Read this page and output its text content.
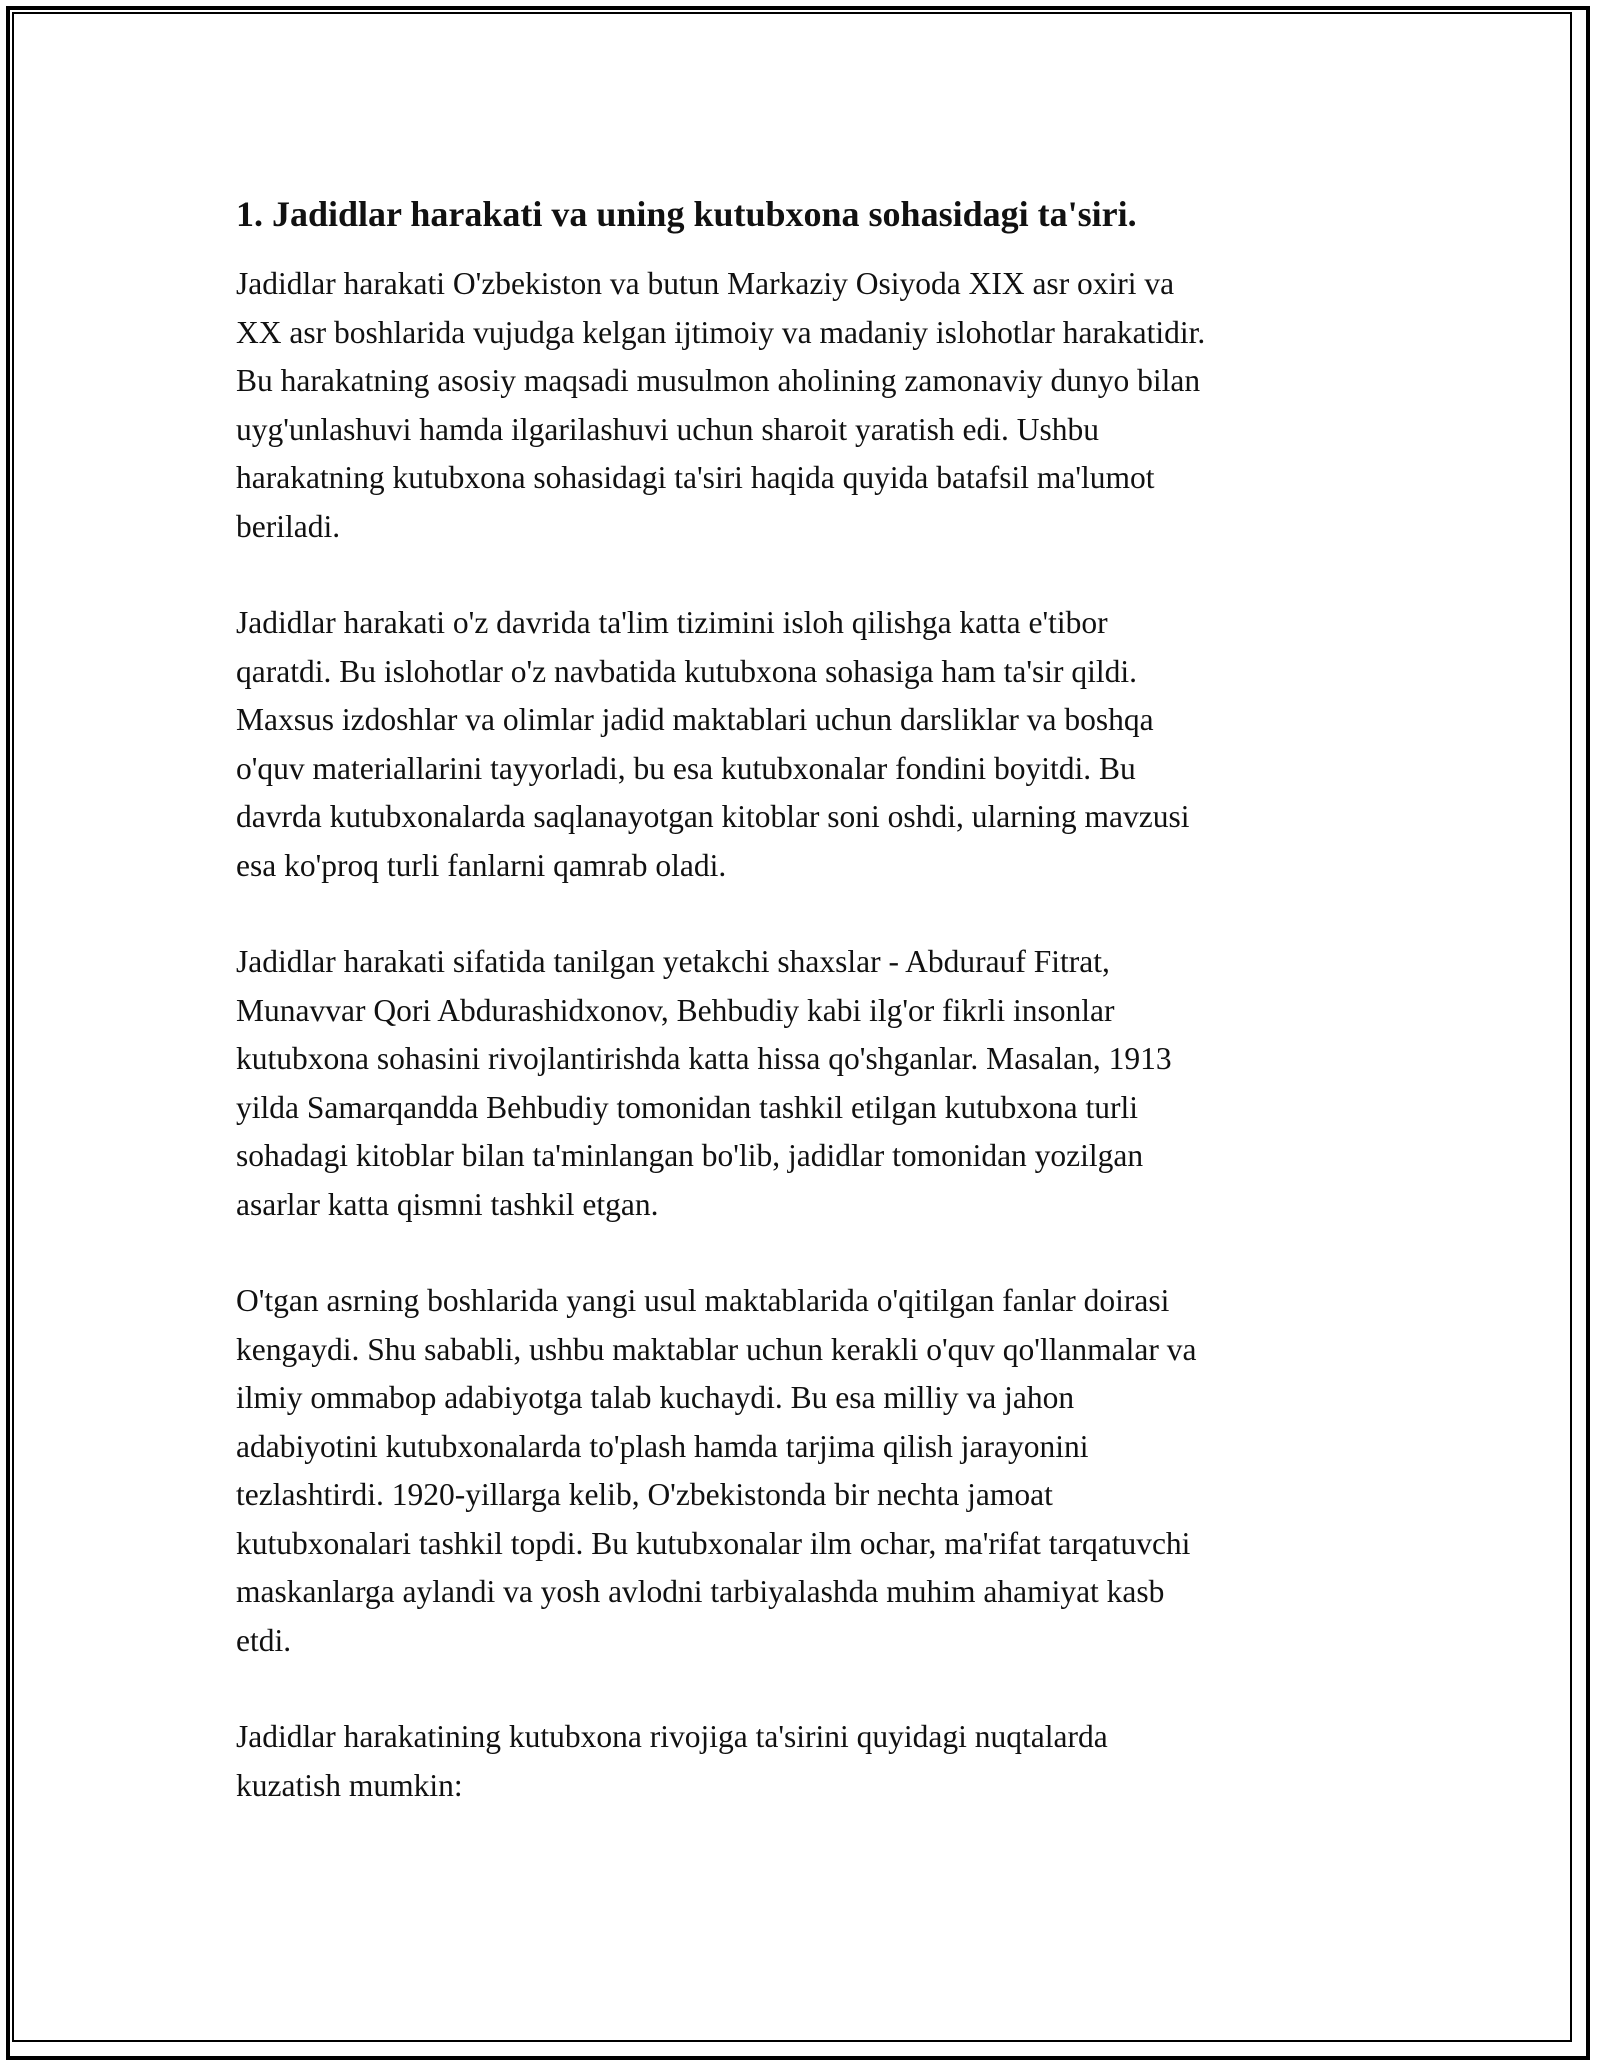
1. Jadidlar harakati va uning kutubxona sohasidagi ta'siri.
Jadidlar harakati O'zbekiston va butun Markaziy Osiyoda XIX asr oxiri va
XX asr boshlarida vujudga kelgan ijtimoiy va madaniy islohotlar harakatidir.
Bu harakatning asosiy maqsadi musulmon aholining zamonaviy dunyo bilan
uyg'unlashuvi hamda ilgarilashuvi uchun sharoit yaratish edi. Ushbu
harakatning kutubxona sohasidagi ta'siri haqida quyida batafsil ma'lumot
beriladi.
Jadidlar harakati o'z davrida ta'lim tizimini isloh qilishga katta e'tibor
qaratdi. Bu islohotlar o'z navbatida kutubxona sohasiga ham ta'sir qildi.
Maxsus izdoshlar va olimlar jadid maktablari uchun darsliklar va boshqa
o'quv materiallarini tayyorladi, bu esa kutubxonalar fondini boyitdi. Bu
davrda kutubxonalarda saqlanayotgan kitoblar soni oshdi, ularning mavzusi
esa ko'proq turli fanlarni qamrab oladi.
Jadidlar harakati sifatida tanilgan yetakchi shaxslar - Abdurauf Fitrat,
Munavvar Qori Abdurashidxonov, Behbudiy kabi ilg'or fikrli insonlar
kutubxona sohasini rivojlantirishda katta hissa qo'shganlar. Masalan, 1913
yilda Samarqandda Behbudiy tomonidan tashkil etilgan kutubxona turli
sohadagi kitoblar bilan ta'minlangan bo'lib, jadidlar tomonidan yozilgan
asarlar katta qismni tashkil etgan.
O'tgan asrning boshlarida yangi usul maktablarida o'qitilgan fanlar doirasi
kengaydi. Shu sababli, ushbu maktablar uchun kerakli o'quv qo'llanmalar va
ilmiy ommabop adabiyotga talab kuchaydi. Bu esa milliy va jahon
adabiyotini kutubxonalarda to'plash hamda tarjima qilish jarayonini
tezlashtirdi. 1920-yillarga kelib, O'zbekistonda bir nechta jamoat
kutubxonalari tashkil topdi. Bu kutubxonalar ilm ochar, ma'rifat tarqatuvchi
maskanlarga aylandi va yosh avlodni tarbiyalashda muhim ahamiyat kasb
etdi.
Jadidlar harakatining kutubxona rivojiga ta'sirini quyidagi nuqtalarda
kuzatish mumkin:
